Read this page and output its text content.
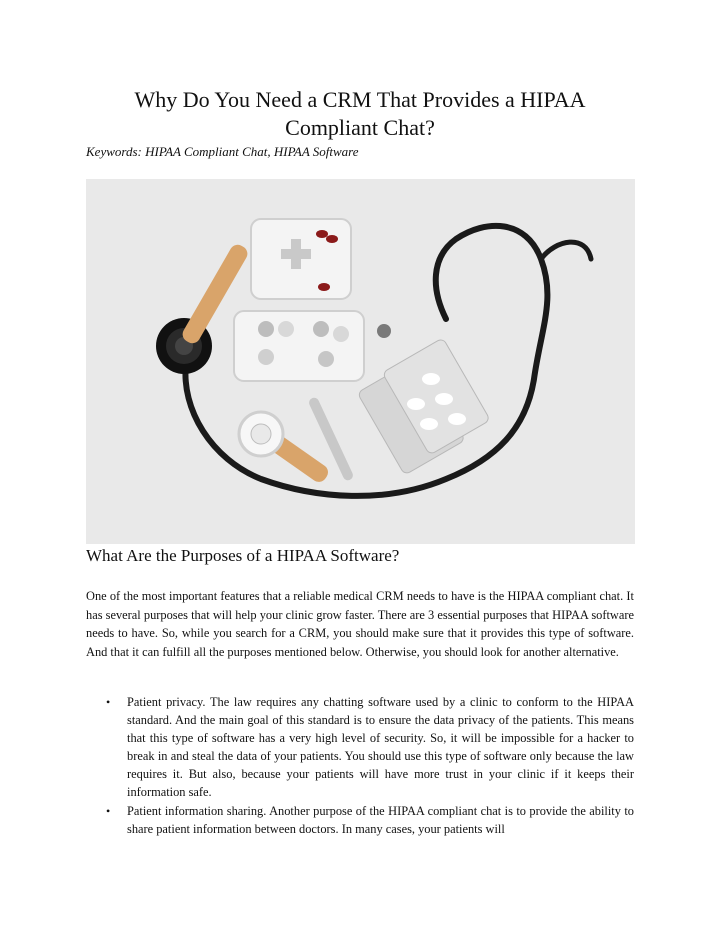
Why Do You Need a CRM That Provides a HIPAA Compliant Chat?
Keywords: HIPAA Compliant Chat, HIPAA Software
What Are the Purposes of a HIPAA Software?

One of the most important features that a reliable medical CRM needs to have is the HIPAA compliant chat. It has several purposes that will help your clinic grow faster. There are 3 essential purposes that HIPAA software needs to have. So, while you search for a CRM, you should make sure that it provides this type of software. And that it can fulfill all the purposes mentioned below. Otherwise, you should look for another alternative.

• Patient privacy. The law requires any chatting software used by a clinic to conform to the HIPAA standard. And the main goal of this standard is to ensure the data privacy of the patients. This means that this type of software has a very high level of security. So, it will be impossible for a hacker to break in and steal the data of your patients. You should use this type of software only because the law requires it. But also, because your patients will have more trust in your clinic if it keeps their information safe.
• Patient information sharing. Another purpose of the HIPAA compliant chat is to provide the ability to share patient information between doctors. In many cases, your patients will
